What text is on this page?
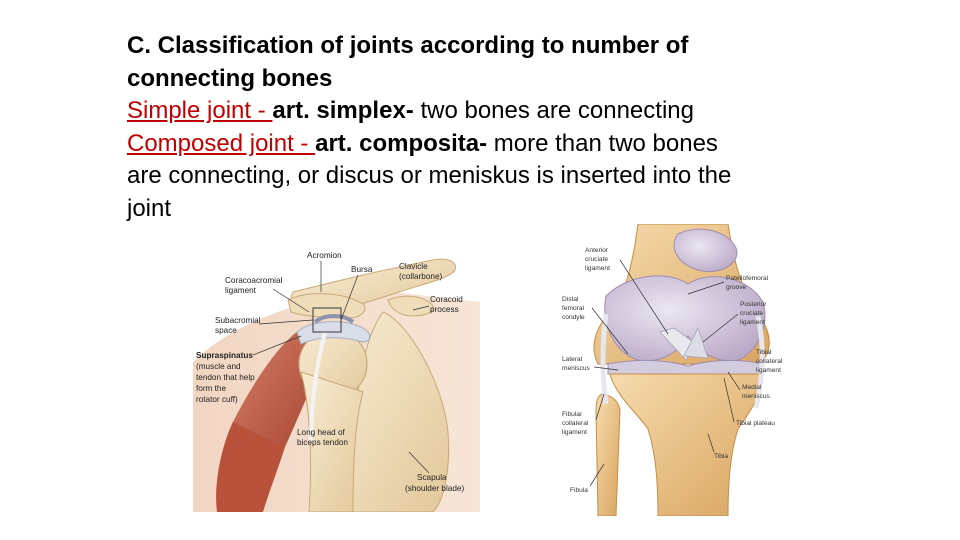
C. Classification of joints according to number of
connecting bones
Simple joint - art. simplex- two bones are connecting
Composed joint - art. composita- more than two bones
are connecting, or discus or meniskus is inserted into the
joint
Acromion
Bursa	Clavicle
(collarbone)
Coracoacromial
ligament
Coracoid
process
Subacromial
space
Supraspinatus
(muscle and
tendon that help
form the
rotator cuff)
Long head of
biceps tendon
Scapula
(shoulder blade)
Anterior
cruciate
ligament
Patellofemoral
groove
Posterior
cruciate
ligament
Distal
femoral
condyle
Tibial
collateral
ligament
Lateral
meniscus
Medial
meniscus
Fibular
collateral
ligament
Tibial plateau
Tibia
Fibula
